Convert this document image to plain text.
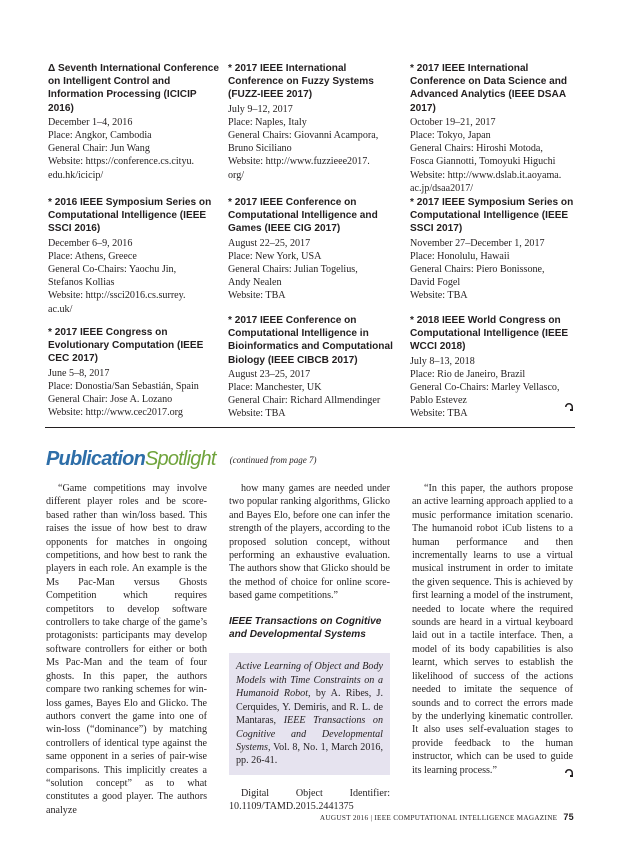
Δ Seventh International Conference on Intelligent Control and Information Processing (ICICIP 2016)
December 1–4, 2016
Place: Angkor, Cambodia
General Chair: Jun Wang
Website: https://conference.cs.cityu.
edu.hk/icicip/
* 2017 IEEE International Conference on Fuzzy Systems (FUZZ-IEEE 2017)
July 9–12, 2017
Place: Naples, Italy
General Chairs: Giovanni Acampora,
Bruno Siciliano
Website: http://www.fuzzieee2017.
org/
* 2017 IEEE International Conference on Data Science and Advanced Analytics (IEEE DSAA 2017)
October 19–21, 2017
Place: Tokyo, Japan
General Chairs: Hiroshi Motoda,
Fosca Giannotti, Tomoyuki Higuchi
Website: http://www.dslab.it.aoyama.
ac.jp/dsaa2017/
* 2016 IEEE Symposium Series on Computational Intelligence (IEEE SSCI 2016)
December 6–9, 2016
Place: Athens, Greece
General Co-Chairs: Yaochu Jin,
Stefanos Kollias
Website: http://ssci2016.cs.surrey.
ac.uk/
* 2017 IEEE Conference on Computational Intelligence and Games (IEEE CIG 2017)
August 22–25, 2017
Place: New York, USA
General Chairs: Julian Togelius,
Andy Nealen
Website: TBA
* 2017 IEEE Symposium Series on Computational Intelligence (IEEE SSCI 2017)
November 27–December 1, 2017
Place: Honolulu, Hawaii
General Chairs: Piero Bonissone,
David Fogel
Website: TBA
* 2017 IEEE Congress on Evolutionary Computation (IEEE CEC 2017)
June 5–8, 2017
Place: Donostia/San Sebastián, Spain
General Chair: Jose A. Lozano
Website: http://www.cec2017.org
* 2017 IEEE Conference on Computational Intelligence in Bioinformatics and Computational Biology (IEEE CIBCB 2017)
August 23–25, 2017
Place: Manchester, UK
General Chair: Richard Allmendinger
Website: TBA
* 2018 IEEE World Congress on Computational Intelligence (IEEE WCCI 2018)
July 8–13, 2018
Place: Rio de Janeiro, Brazil
General Co-Chairs: Marley Vellasco,
Pablo Estevez
Website: TBA
PublicationSpotlight (continued from page 7)

“Game competitions may involve different player roles and be score-based rather than win/loss based. This raises the issue of how best to draw opponents for matches in ongoing competitions, and how best to rank the players in each role. An example is the Ms Pac-Man versus Ghosts Competition which requires competitors to develop software controllers to take charge of the game’s protagonists: participants may develop software controllers for either or both Ms Pac-Man and the team of four ghosts. In this paper, the authors compare two ranking schemes for win-loss games, Bayes Elo and Glicko. The authors convert the game into one of win-loss (“dominance”) by matching controllers of identical type against the same opponent in a series of pair-wise comparisons. This implicitly creates a “solution concept” as to what constitutes a good player. The authors analyze

how many games are needed under two popular ranking algorithms, Glicko and Bayes Elo, before one can infer the strength of the players, according to the proposed solution concept, without performing an exhaustive evaluation. The authors show that Glicko should be the method of choice for online score-based game competitions.”

IEEE Transactions on Cognitive and Developmental Systems
Active Learning of Object and Body Models with Time Constraints on a Humanoid Robot, by A. Ribes, J. Cerquides, Y. Demiris, and R. L. de Mantaras, IEEE Transactions on Cognitive and Developmental Systems, Vol. 8, No. 1, March 2016, pp. 26-41.

Digital Object Identifier: 10.1109/TAMD.2015.2441375

“In this paper, the authors propose an active learning approach applied to a music performance imitation scenario. The humanoid robot iCub listens to a human performance and then incrementally learns to use a virtual musical instrument in order to imitate the given sequence. This is achieved by first learning a model of the instrument, needed to locate where the required sounds are heard in a virtual keyboard laid out in a tactile interface. Then, a model of its body capabilities is also learnt, which serves to establish the likelihood of success of the actions needed to imitate the sequence of sounds and to correct the errors made by the underlying kinematic controller. It also uses self-evaluation stages to provide feedback to the human instructor, which can be used to guide its learning process.”

AUGUST 2016 | IEEE COMPUTATIONAL INTELLIGENCE MAGAZINE 75
